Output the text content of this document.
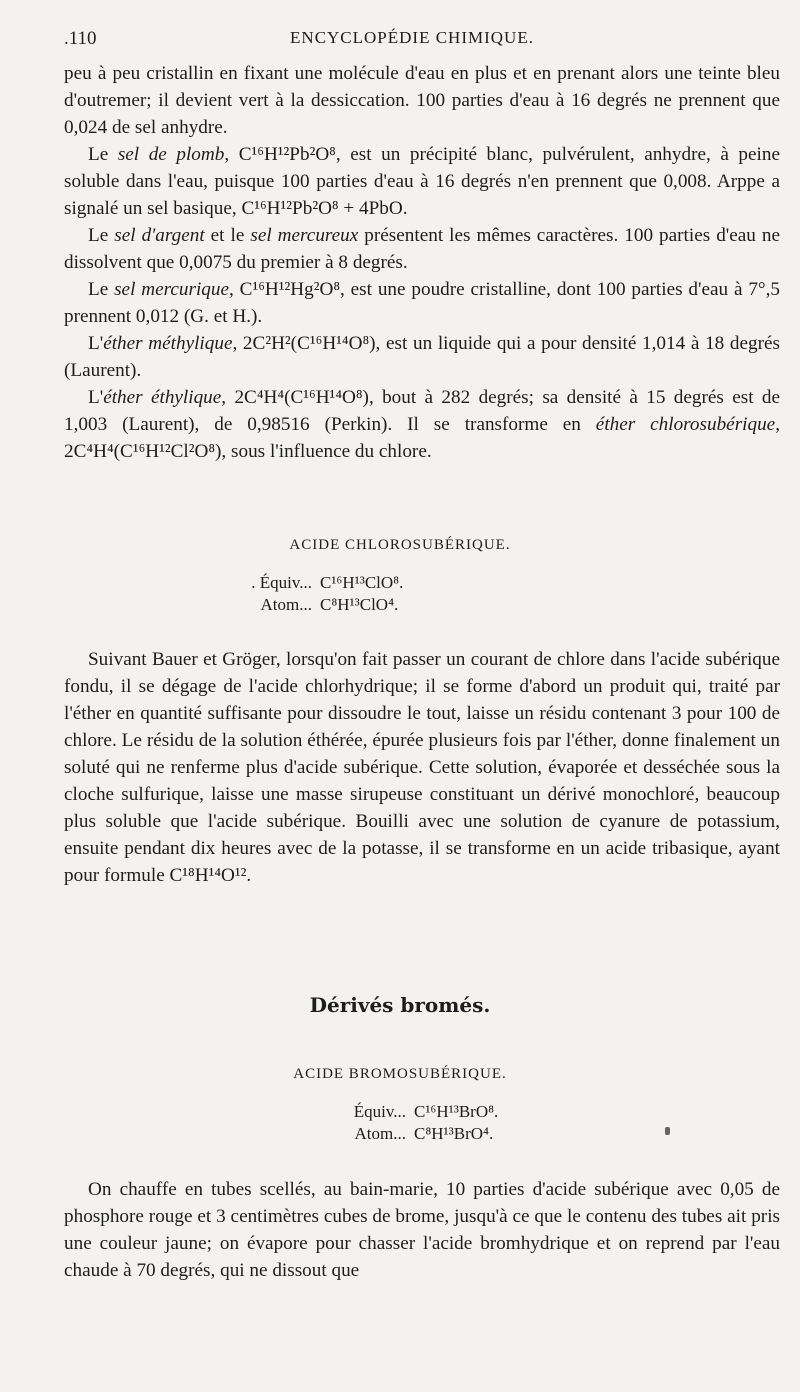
.110	ENCYCLOPÉDIE CHIMIQUE.

peu à peu cristallin en fixant une molécule d'eau en plus et en prenant alors une teinte bleu d'outremer; il devient vert à la dessiccation. 100 parties d'eau à 16 degrés ne prennent que 0,024 de sel anhydre.

Le sel de plomb, C¹⁶H¹²Pb²O⁸, est un précipité blanc, pulvérulent, anhydre, à peine soluble dans l'eau, puisque 100 parties d'eau à 16 degrés n'en prennent que 0,008. Arppe a signalé un sel basique, C¹⁶H¹²Pb²O⁸ + 4PbO.

Le sel d'argent et le sel mercureux présentent les mêmes caractères. 100 parties d'eau ne dissolvent que 0,0075 du premier à 8 degrés.

Le sel mercurique, C¹⁶H¹²Hg²O⁸, est une poudre cristalline, dont 100 parties d'eau à 7°,5 prennent 0,012 (G. et H.).

L'éther méthylique, 2C²H²(C¹⁶H¹⁴O⁸), est un liquide qui a pour densité 1,014 à 18 degrés (Laurent).

L'éther éthylique, 2C⁴H⁴(C¹⁶H¹⁴O⁸), bout à 282 degrés; sa densité à 15 degrés est de 1,003 (Laurent), de 0,98516 (Perkin). Il se transforme en éther chlorosubérique, 2C⁴H⁴(C¹⁶H¹²Cl²O⁸), sous l'influence du chlore.

ACIDE CHLOROSUBÉRIQUE.
. Équiv... C¹⁶H¹³ClO⁸.
Atom... C⁸H¹³ClO⁴.
Suivant Bauer et Gröger, lorsqu'on fait passer un courant de chlore dans l'acide subérique fondu, il se dégage de l'acide chlorhydrique; il se forme d'abord un produit qui, traité par l'éther en quantité suffisante pour dissoudre le tout, laisse un résidu contenant 3 pour 100 de chlore. Le résidu de la solution éthérée, épurée plusieurs fois par l'éther, donne finalement un soluté qui ne renferme plus d'acide subérique. Cette solution, évaporée et desséchée sous la cloche sulfurique, laisse une masse sirupeuse constituant un dérivé monochloré, beaucoup plus soluble que l'acide subérique. Bouilli avec une solution de cyanure de potassium, ensuite pendant dix heures avec de la potasse, il se transforme en un acide tribasique, ayant pour formule C¹⁸H¹⁴O¹².
Dérivés bromés.
ACIDE BROMOSUBÉRIQUE.
Équiv... C¹⁶H¹³BrO⁸.
Atom... C⁸H¹³BrO⁴.
On chauffe en tubes scellés, au bain-marie, 10 parties d'acide subérique avec 0,05 de phosphore rouge et 3 centimètres cubes de brome, jusqu'à ce que le contenu des tubes ait pris une couleur jaune; on évapore pour chasser l'acide bromhydrique et on reprend par l'eau chaude à 70 degrés, qui ne dissout que
